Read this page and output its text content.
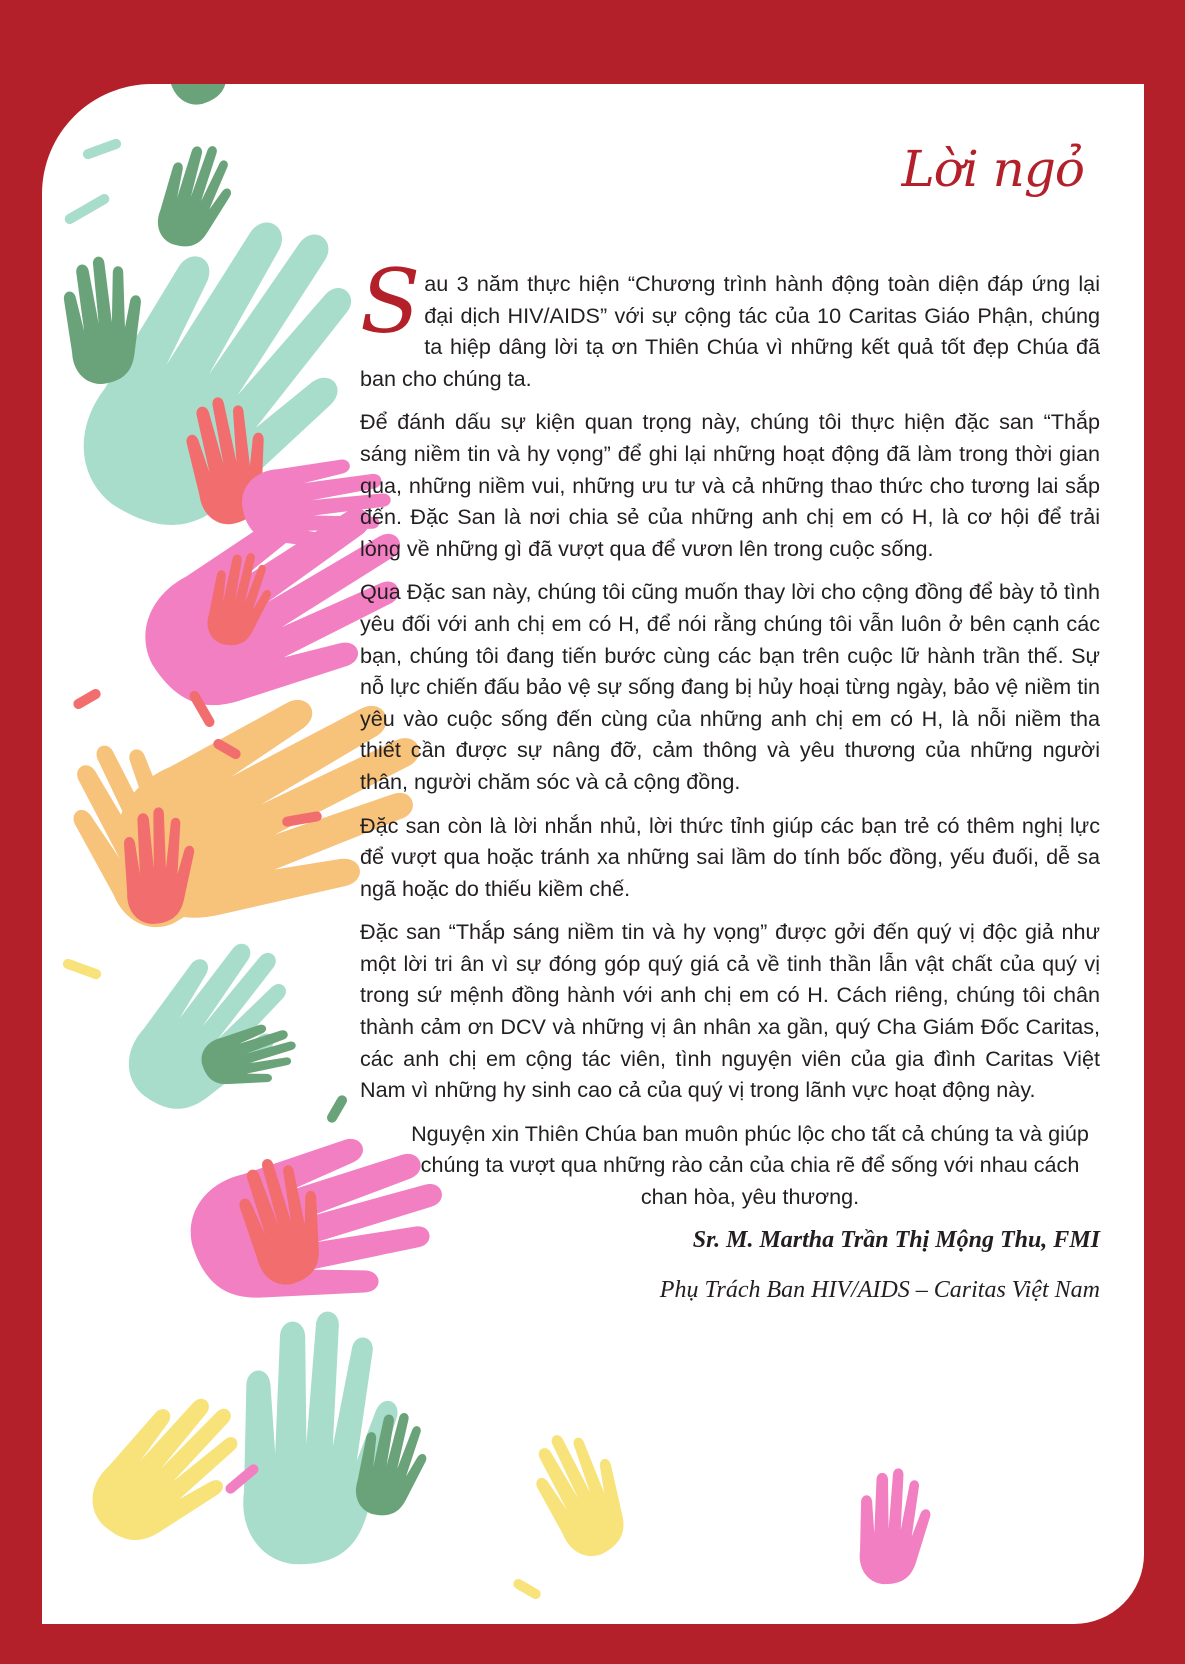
Lời ngỏ

Sau 3 năm thực hiện “Chương trình hành động toàn diện đáp ứng lại đại dịch HIV/AIDS” với sự cộng tác của 10 Caritas Giáo Phận, chúng ta hiệp dâng lời tạ ơn Thiên Chúa vì những kết quả tốt đẹp Chúa đã ban cho chúng ta.

Để đánh dấu sự kiện quan trọng này, chúng tôi thực hiện đặc san “Thắp sáng niềm tin và hy vọng” để ghi lại những hoạt động đã làm trong thời gian qua, những niềm vui, những ưu tư và cả những thao thức cho tương lai sắp đến. Đặc San là nơi chia sẻ của những anh chị em có H, là cơ hội để trải lòng về những gì đã vượt qua để vươn lên trong cuộc sống.

Qua Đặc san này, chúng tôi cũng muốn thay lời cho cộng đồng để bày tỏ tình yêu đối với anh chị em có H, để nói rằng chúng tôi vẫn luôn ở bên cạnh các bạn, chúng tôi đang tiến bước cùng các bạn trên cuộc lữ hành trần thế. Sự nỗ lực chiến đấu bảo vệ sự sống đang bị hủy hoại từng ngày, bảo vệ niềm tin yêu vào cuộc sống đến cùng của những anh chị em có H, là nỗi niềm tha thiết cần được sự nâng đỡ, cảm thông và yêu thương của những người thân, người chăm sóc và cả cộng đồng.

Đặc san còn là lời nhắn nhủ, lời thức tỉnh giúp các bạn trẻ có thêm nghị lực để vượt qua hoặc tránh xa những sai lầm do tính bốc đồng, yếu đuối, dễ sa ngã hoặc do thiếu kiềm chế.

Đặc san “Thắp sáng niềm tin và hy vọng” được gởi đến quý vị độc giả như một lời tri ân vì sự đóng góp quý giá cả về tinh thần lẫn vật chất của quý vị trong sứ mệnh đồng hành với anh chị em có H. Cách riêng, chúng tôi chân thành cảm ơn DCV và những vị ân nhân xa gần, quý Cha Giám Đốc Caritas, các anh chị em cộng tác viên, tình nguyện viên của gia đình Caritas Việt Nam vì những hy sinh cao cả của quý vị trong lãnh vực hoạt động này.

Nguyện xin Thiên Chúa ban muôn phúc lộc cho tất cả chúng ta và giúp chúng ta vượt qua những rào cản của chia rẽ để sống với nhau cách chan hòa, yêu thương.

Sr. M. Martha Trần Thị Mộng Thu, FMI
Phụ Trách Ban HIV/AIDS – Caritas Việt Nam
